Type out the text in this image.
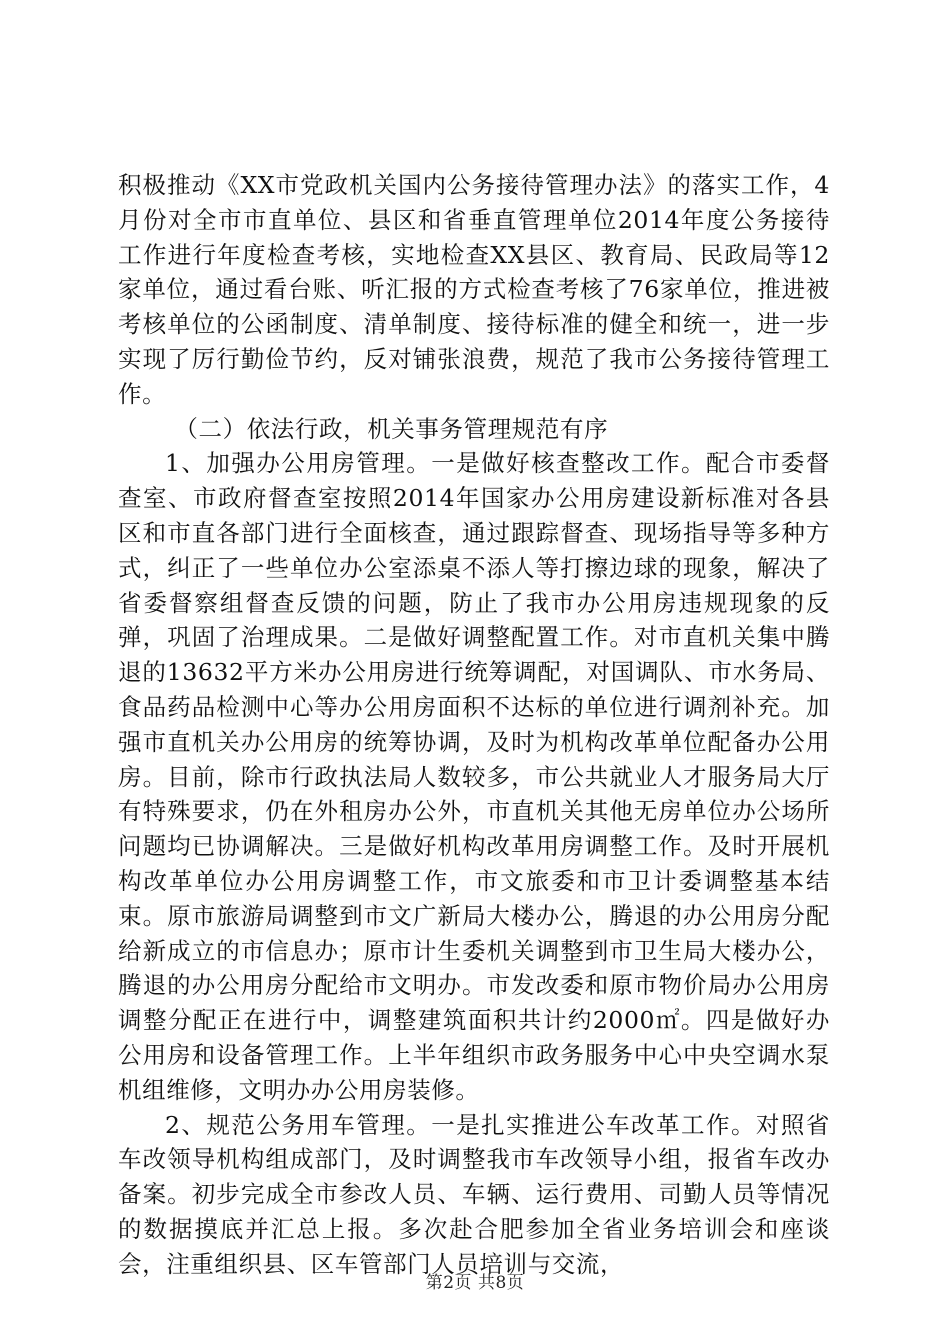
积极推动《XX市党政机关国内公务接待管理办法》的落实工作，4月份对全市市直单位、县区和省垂直管理单位2014年度公务接待工作进行年度检查考核，实地检查XX县区、教育局、民政局等12家单位，通过看台账、听汇报的方式检查考核了76家单位，推进被考核单位的公函制度、清单制度、接待标准的健全和统一，进一步实现了厉行勤俭节约，反对铺张浪费，规范了我市公务接待管理工作。

（二）依法行政，机关事务管理规范有序

1、加强办公用房管理。一是做好核查整改工作。配合市委督查室、市政府督查室按照2014年国家办公用房建设新标准对各县区和市直各部门进行全面核查，通过跟踪督查、现场指导等多种方式，纠正了一些单位办公室添桌不添人等打擦边球的现象，解决了省委督察组督查反馈的问题，防止了我市办公用房违规现象的反弹，巩固了治理成果。二是做好调整配置工作。对市直机关集中腾退的13632平方米办公用房进行统筹调配，对国调队、市水务局、食品药品检测中心等办公用房面积不达标的单位进行调剂补充。加强市直机关办公用房的统筹协调，及时为机构改革单位配备办公用房。目前，除市行政执法局人数较多，市公共就业人才服务局大厅有特殊要求，仍在外租房办公外，市直机关其他无房单位办公场所问题均已协调解决。三是做好机构改革用房调整工作。及时开展机构改革单位办公用房调整工作，市文旅委和市卫计委调整基本结束。原市旅游局调整到市文广新局大楼办公，腾退的办公用房分配给新成立的市信息办；原市计生委机关调整到市卫生局大楼办公，腾退的办公用房分配给市文明办。市发改委和原市物价局办公用房调整分配正在进行中，调整建筑面积共计约2000㎡。四是做好办公用房和设备管理工作。上半年组织市政务服务中心中央空调水泵机组维修，文明办办公用房装修。

2、规范公务用车管理。一是扎实推进公车改革工作。对照省车改领导机构组成部门，及时调整我市车改领导小组，报省车改办备案。初步完成全市参改人员、车辆、运行费用、司勤人员等情况的数据摸底并汇总上报。多次赴合肥参加全省业务培训会和座谈会，注重组织县、区车管部门人员培训与交流，

第2页 共8页
